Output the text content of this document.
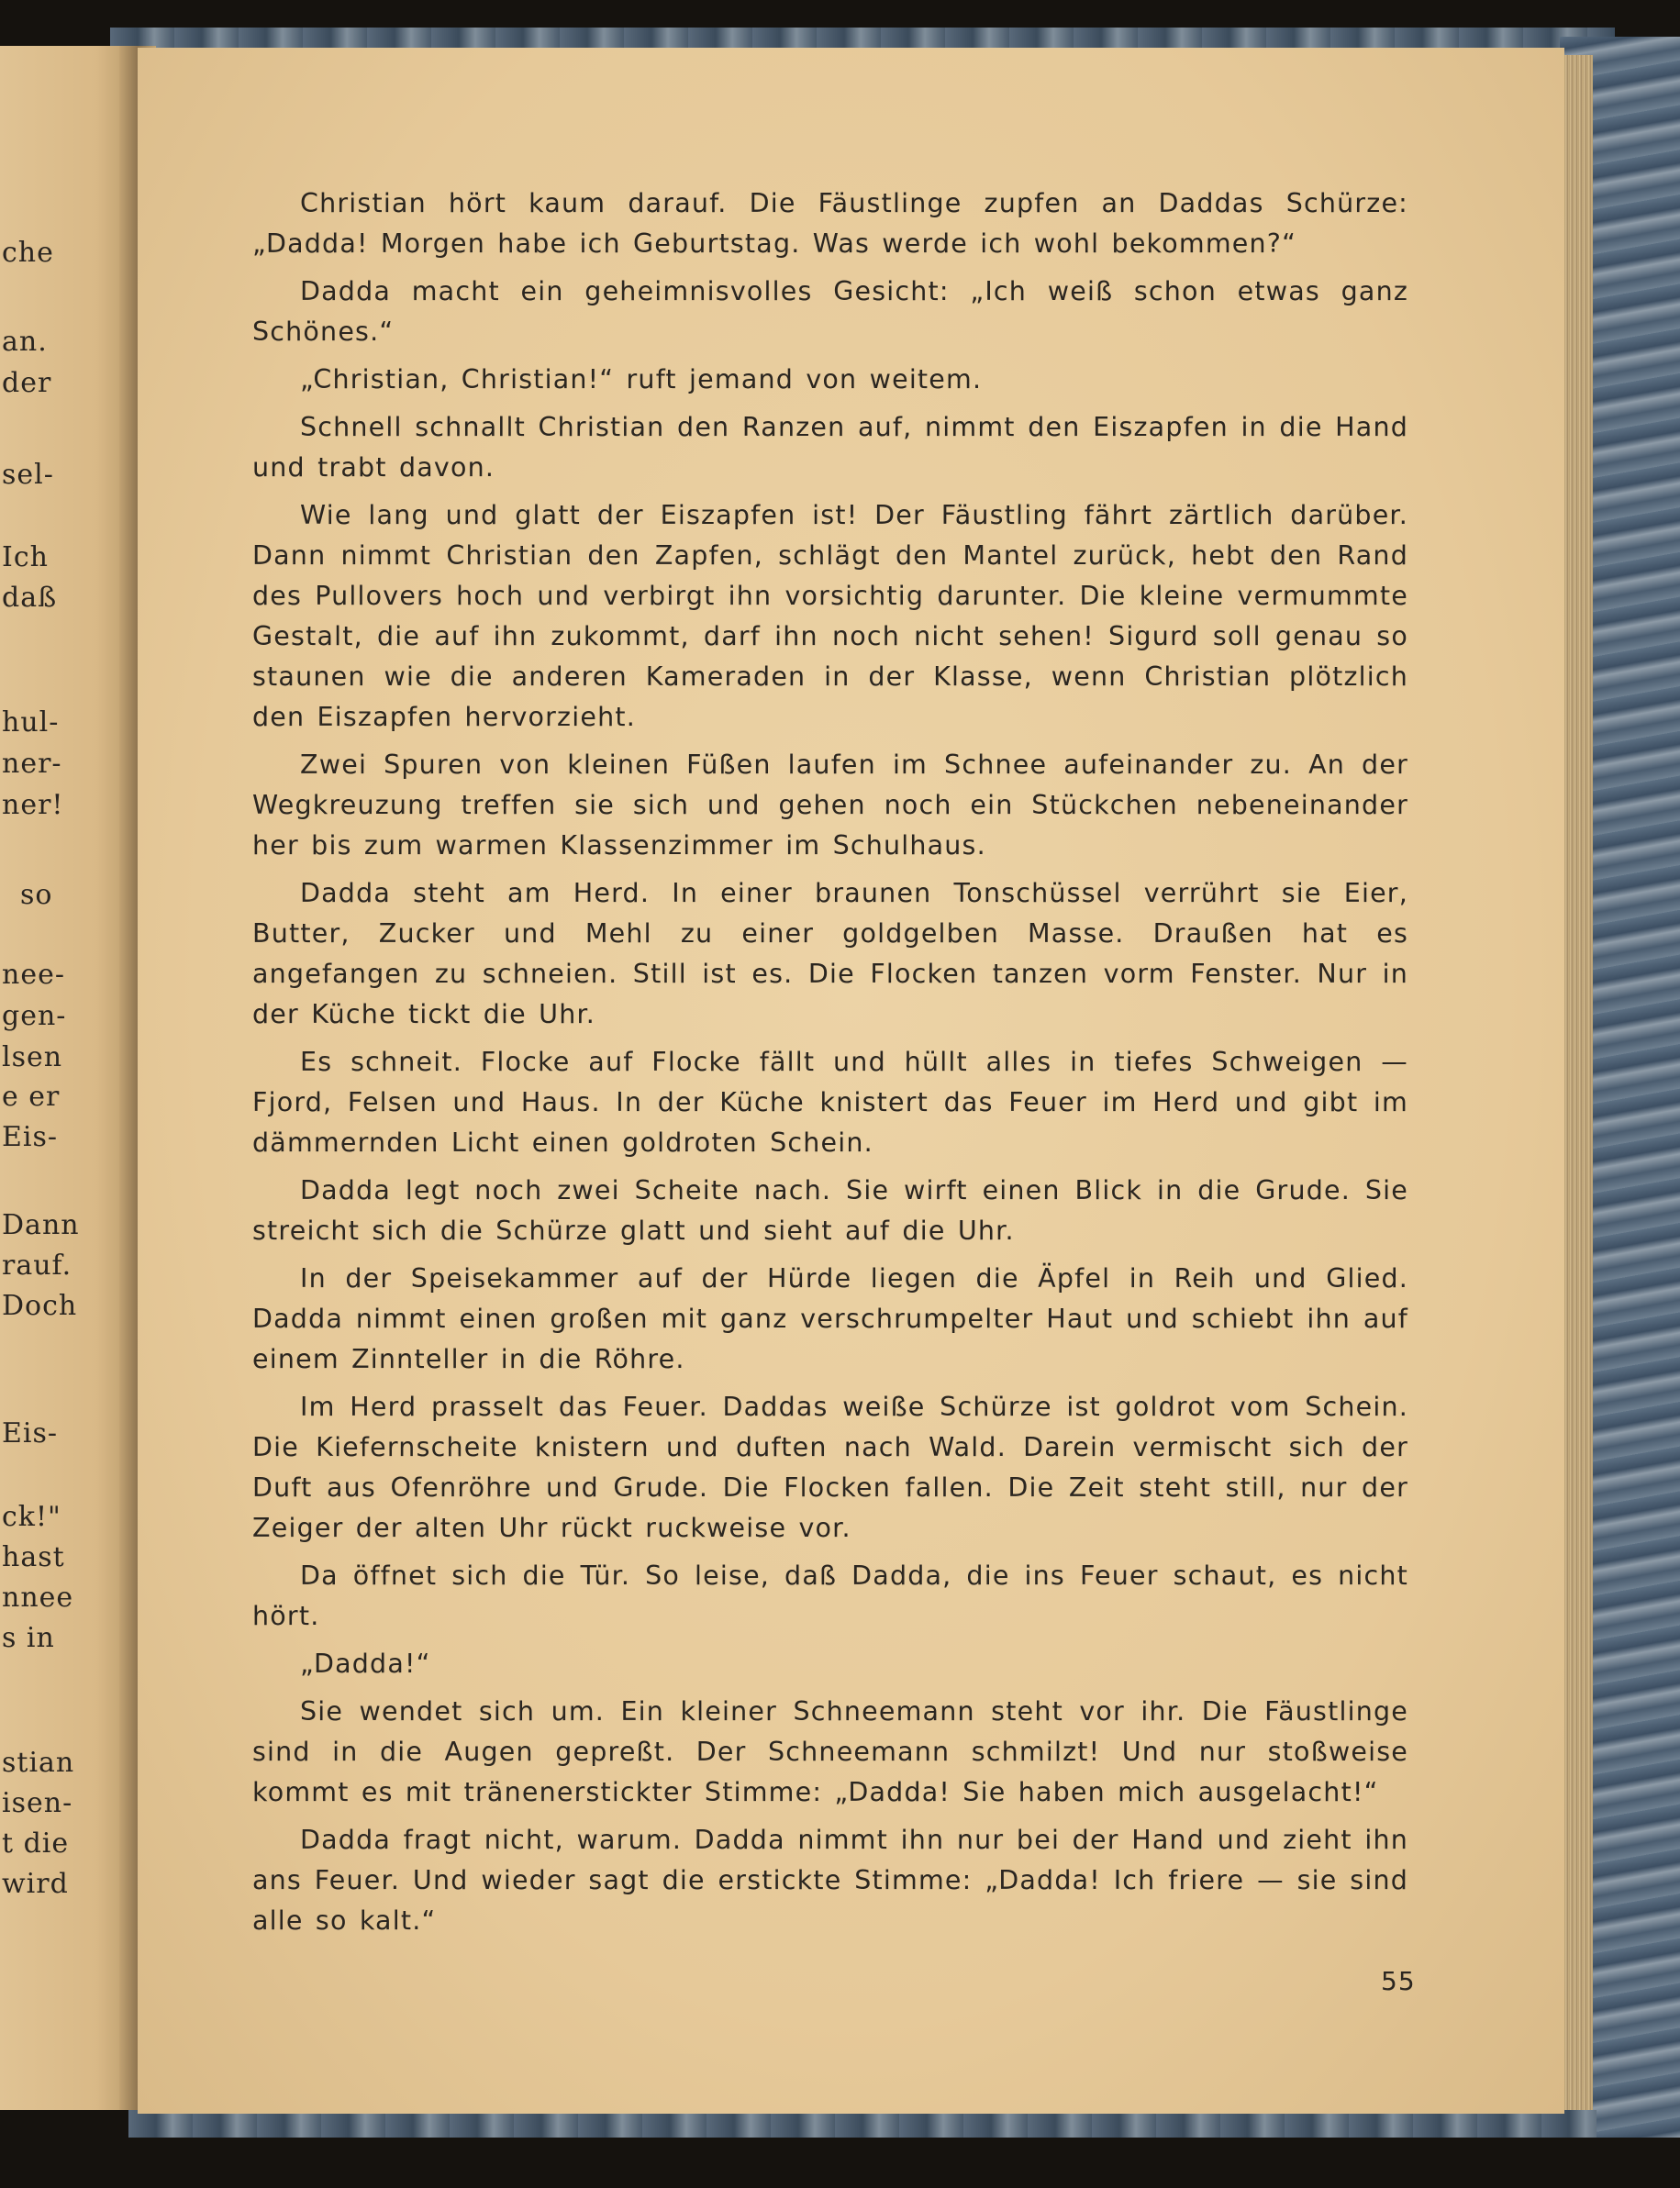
che
an.
der
sel-
Ich
daß
hul-
ner-
ner!
so
nee-
gen-
lsen
e er
Eis-
Dann
rauf.
Doch
Eis-
ck!"
hast
nnee
s in
stian
isen-
t die
wird

Christian hört kaum darauf. Die Fäustlinge zupfen an Daddas Schürze: „Dadda! Morgen habe ich Geburtstag. Was werde ich wohl bekommen?“

Dadda macht ein geheimnisvolles Gesicht: „Ich weiß schon etwas ganz Schönes.“

„Christian, Christian!“ ruft jemand von weitem.

Schnell schnallt Christian den Ranzen auf, nimmt den Eiszapfen in die Hand und trabt davon.

Wie lang und glatt der Eiszapfen ist! Der Fäustling fährt zärtlich darüber. Dann nimmt Christian den Zapfen, schlägt den Mantel zurück, hebt den Rand des Pullovers hoch und verbirgt ihn vorsichtig darunter. Die kleine vermummte Gestalt, die auf ihn zukommt, darf ihn noch nicht sehen! Sigurd soll genau so staunen wie die anderen Kameraden in der Klasse, wenn Christian plötzlich den Eiszapfen hervorzieht.

Zwei Spuren von kleinen Füßen laufen im Schnee aufeinander zu. An der Wegkreuzung treffen sie sich und gehen noch ein Stückchen nebeneinander her bis zum warmen Klassenzimmer im Schulhaus.

Dadda steht am Herd. In einer braunen Tonschüssel verrührt sie Eier, Butter, Zucker und Mehl zu einer goldgelben Masse. Draußen hat es angefangen zu schneien. Still ist es. Die Flocken tanzen vorm Fenster. Nur in der Küche tickt die Uhr.

Es schneit. Flocke auf Flocke fällt und hüllt alles in tiefes Schweigen — Fjord, Felsen und Haus. In der Küche knistert das Feuer im Herd und gibt im dämmernden Licht einen goldroten Schein.

Dadda legt noch zwei Scheite nach. Sie wirft einen Blick in die Grude. Sie streicht sich die Schürze glatt und sieht auf die Uhr.

In der Speisekammer auf der Hürde liegen die Äpfel in Reih und Glied. Dadda nimmt einen großen mit ganz verschrumpelter Haut und schiebt ihn auf einem Zinnteller in die Röhre.

Im Herd prasselt das Feuer. Daddas weiße Schürze ist goldrot vom Schein. Die Kiefernscheite knistern und duften nach Wald. Darein vermischt sich der Duft aus Ofenröhre und Grude. Die Flocken fallen. Die Zeit steht still, nur der Zeiger der alten Uhr rückt ruckweise vor.

Da öffnet sich die Tür. So leise, daß Dadda, die ins Feuer schaut, es nicht hört.

„Dadda!“

Sie wendet sich um. Ein kleiner Schneemann steht vor ihr. Die Fäustlinge sind in die Augen gepreßt. Der Schneemann schmilzt! Und nur stoßweise kommt es mit tränenerstickter Stimme: „Dadda! Sie haben mich ausgelacht!“

Dadda fragt nicht, warum. Dadda nimmt ihn nur bei der Hand und zieht ihn ans Feuer. Und wieder sagt die erstickte Stimme: „Dadda! Ich friere — sie sind alle so kalt.“

55
